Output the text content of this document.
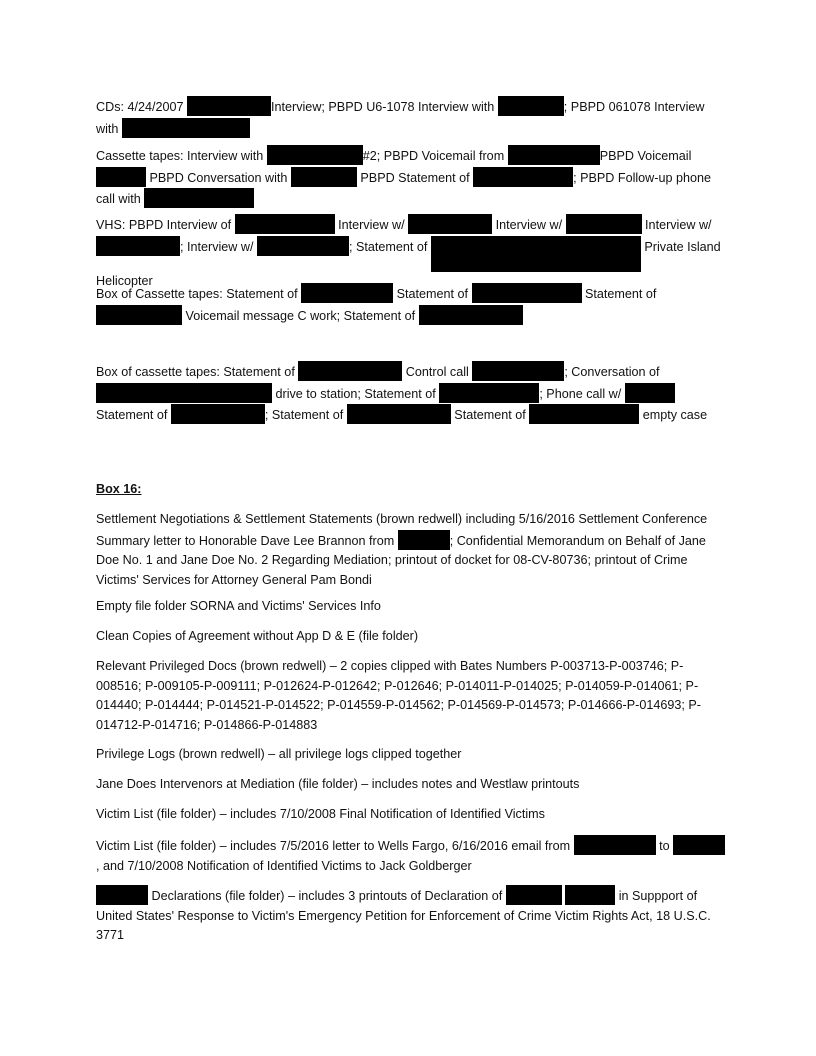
CDs: 4/24/2007	Interview; PBPD U6-1078 Interview with	; PBPD 061078 Interview with

Cassette tapes: Interview with	#2; PBPD Voicemail from	PBPD Voicemail  PBPD Conversation with	PBPD Statement of	; PBPD Follow-up phone call with

VHS: PBPD Interview of	Interview w/	Interview w/	Interview w/ ; Interview w/	; Statement of	Private Island Helicopter

Box of Cassette tapes: Statement of	Statement of	Statement of  Voicemail message C work; Statement of

Box of cassette tapes: Statement of	Control call	; Conversation of  drive to station; Statement of	; Phone call w/  Statement of	; Statement of	Statement of	empty case

Box 16:

Settlement Negotiations & Settlement Statements (brown redwell) including 5/16/2016 Settlement Conference Summary letter to Honorable Dave Lee Brannon from	; Confidential Memorandum on Behalf of Jane Doe No. 1 and Jane Doe No. 2 Regarding Mediation; printout of docket for 08-CV-80736; printout of Crime Victims' Services for Attorney General Pam Bondi

Empty file folder SORNA and Victims' Services Info

Clean Copies of Agreement without App D & E (file folder)

Relevant Privileged Docs (brown redwell) – 2 copies clipped with Bates Numbers P-003713-P-003746; P-008516; P-009105-P-009111; P-012624-P-012642; P-012646; P-014011-P-014025; P-014059-P-014061; P-014440; P-014444; P-014521-P-014522; P-014559-P-014562; P-014569-P-014573; P-014666-P-014693; P-014712-P-014716; P-014866-P-014883

Privilege Logs (brown redwell) – all privilege logs clipped together

Jane Does Intervenors at Mediation (file folder) – includes notes and Westlaw printouts

Victim List (file folder) – includes 7/10/2008 Final Notification of Identified Victims

Victim List (file folder) – includes 7/5/2016 letter to Wells Fargo, 6/16/2016 email from	to , and 7/10/2008 Notification of Identified Victims to Jack Goldberger

Declarations (file folder) – includes 3 printouts of Declaration of	in Suppport of United States' Response to Victim's Emergency Petition for Enforcement of Crime Victim Rights Act, 18 U.S.C. 3771
